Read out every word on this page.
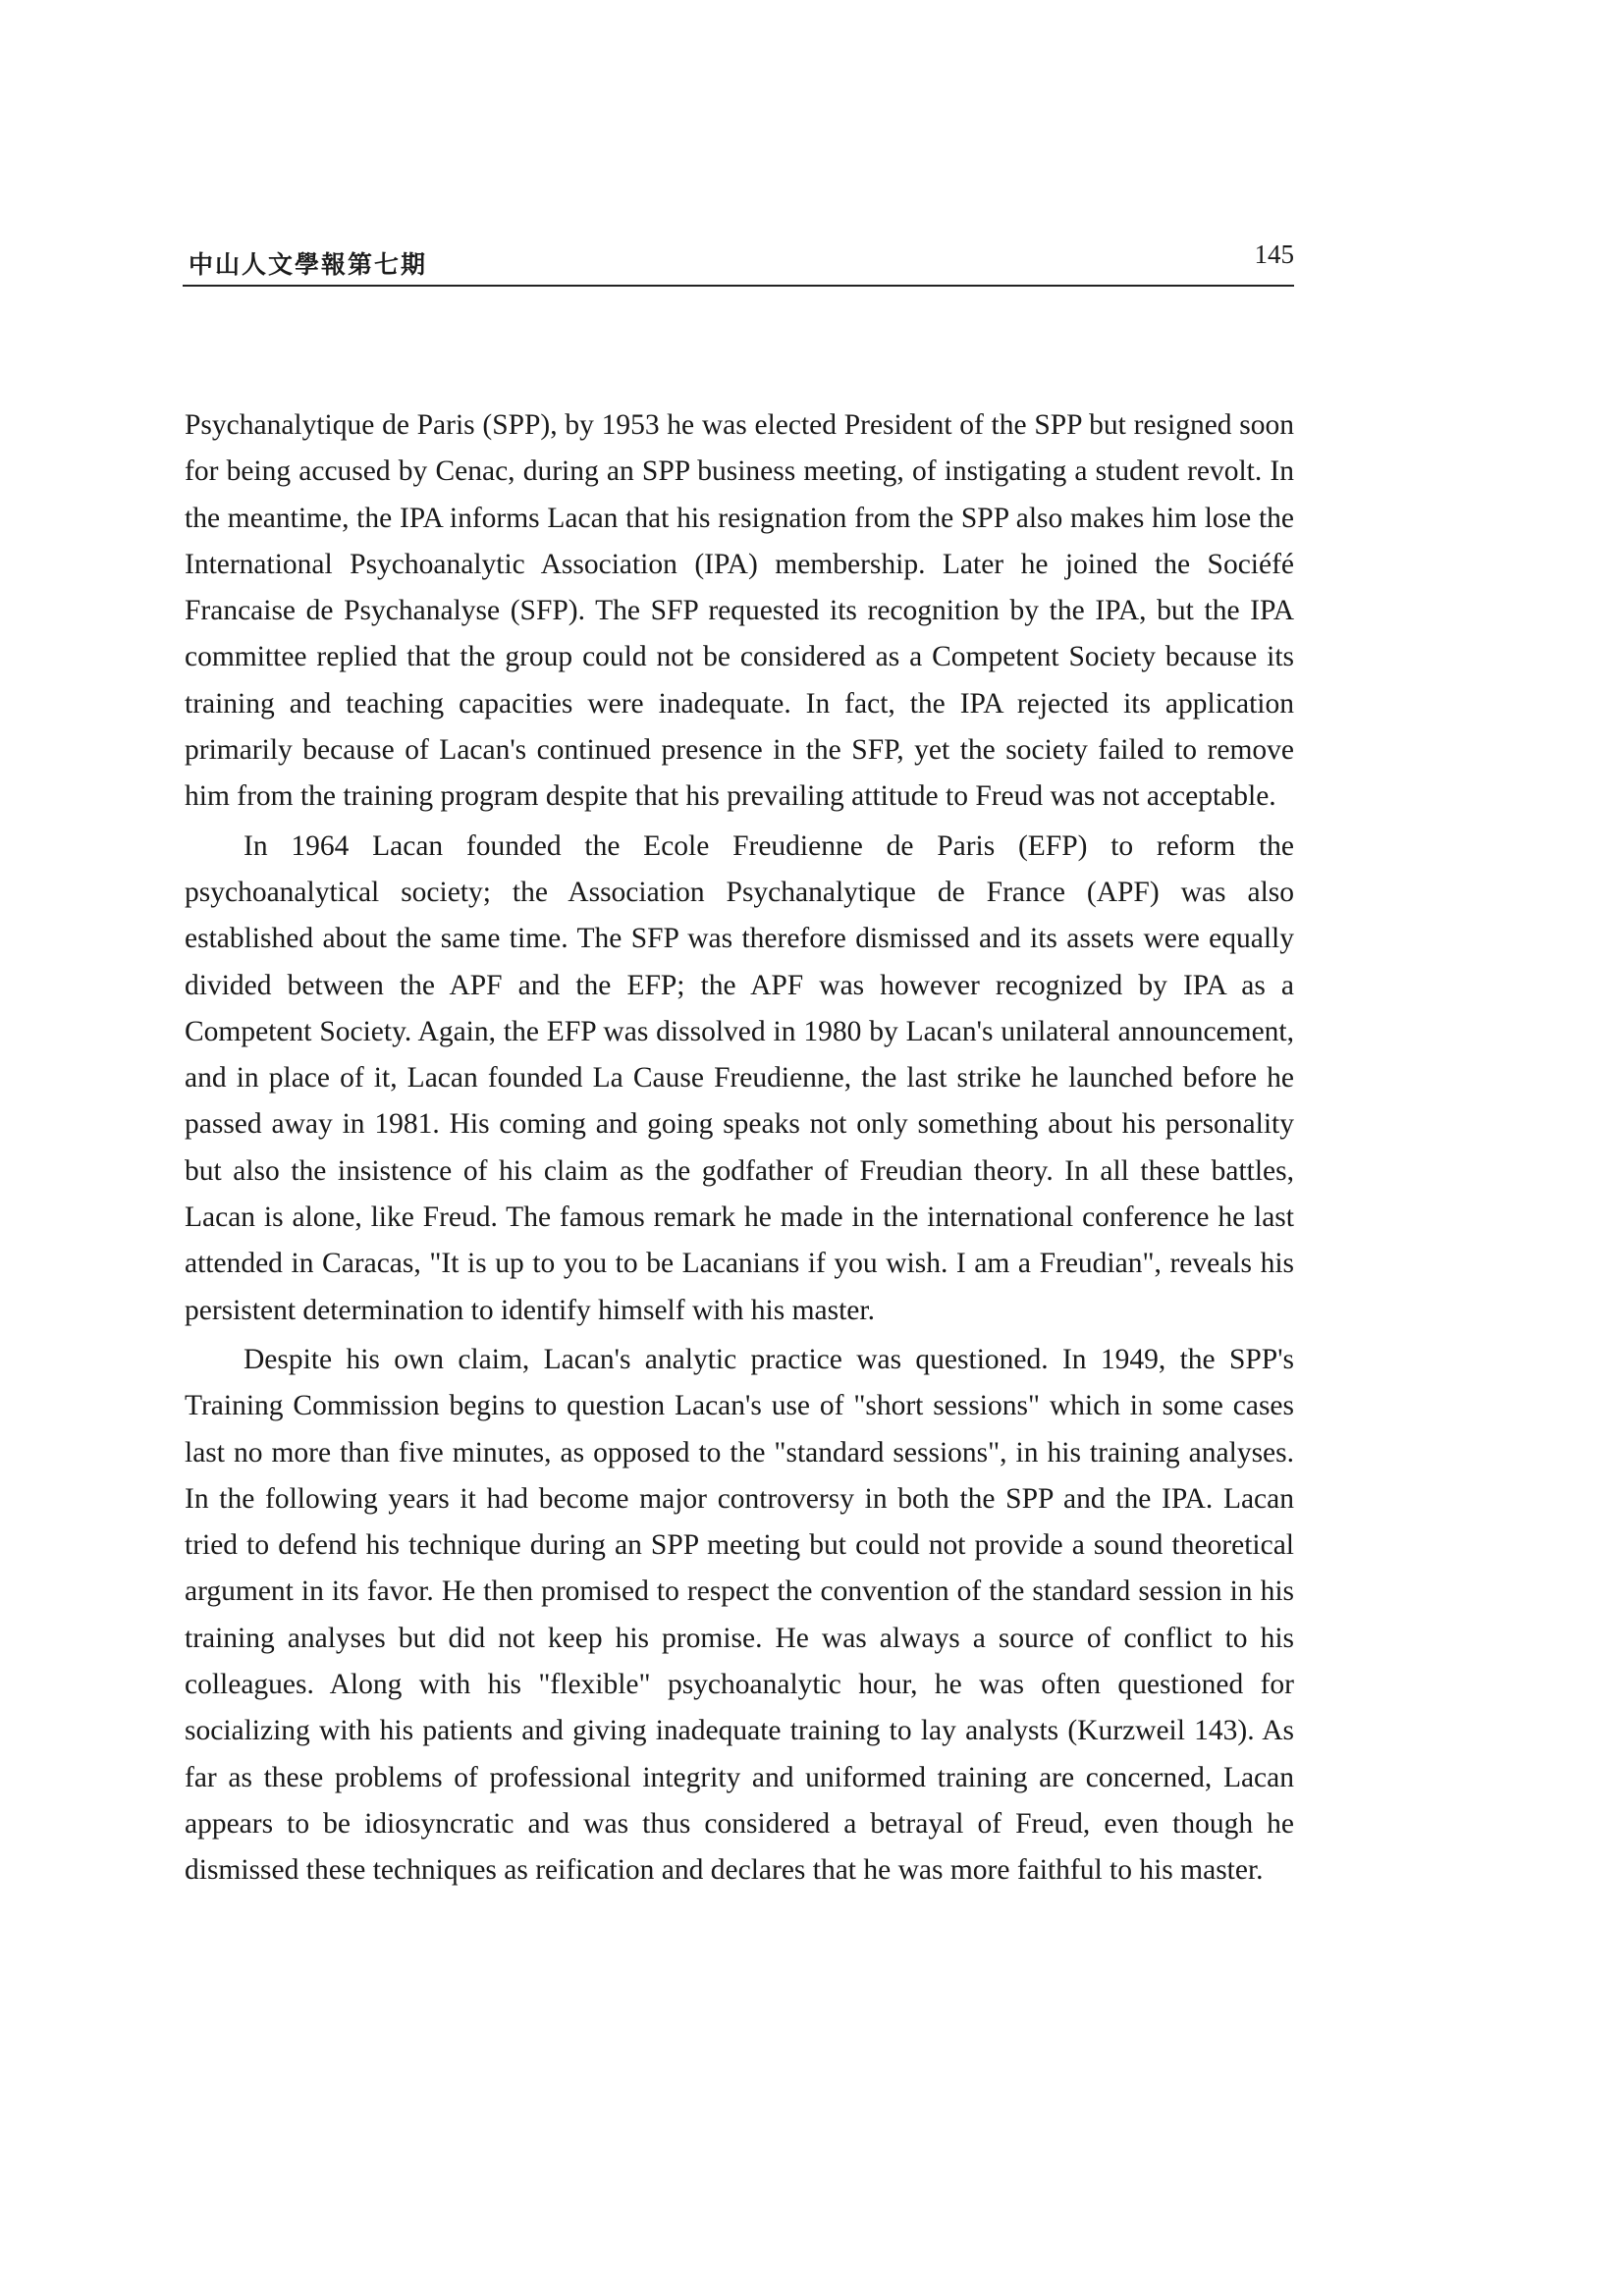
中山人文學報第七期	145

Psychanalytique de Paris (SPP), by 1953 he was elected President of the SPP but resigned soon for being accused by Cenac, during an SPP business meeting, of instigating a student revolt. In the meantime, the IPA informs Lacan that his resignation from the SPP also makes him lose the International Psychoanalytic Association (IPA) membership. Later he joined the Sociéfé Francaise de Psychanalyse (SFP). The SFP requested its recognition by the IPA, but the IPA committee replied that the group could not be considered as a Competent Society because its training and teaching capacities were inadequate. In fact, the IPA rejected its application primarily because of Lacan's continued presence in the SFP, yet the society failed to remove him from the training program despite that his prevailing attitude to Freud was not acceptable.

In 1964 Lacan founded the Ecole Freudienne de Paris (EFP) to reform the psychoanalytical society; the Association Psychanalytique de France (APF) was also established about the same time. The SFP was therefore dismissed and its assets were equally divided between the APF and the EFP; the APF was however recognized by IPA as a Competent Society. Again, the EFP was dissolved in 1980 by Lacan's unilateral announcement, and in place of it, Lacan founded La Cause Freudienne, the last strike he launched before he passed away in 1981. His coming and going speaks not only something about his personality but also the insistence of his claim as the godfather of Freudian theory. In all these battles, Lacan is alone, like Freud. The famous remark he made in the international conference he last attended in Caracas, "It is up to you to be Lacanians if you wish. I am a Freudian", reveals his persistent determination to identify himself with his master.

Despite his own claim, Lacan's analytic practice was questioned. In 1949, the SPP's Training Commission begins to question Lacan's use of "short sessions" which in some cases last no more than five minutes, as opposed to the "standard sessions", in his training analyses. In the following years it had become major controversy in both the SPP and the IPA. Lacan tried to defend his technique during an SPP meeting but could not provide a sound theoretical argument in its favor. He then promised to respect the convention of the standard session in his training analyses but did not keep his promise. He was always a source of conflict to his colleagues. Along with his "flexible" psychoanalytic hour, he was often questioned for socializing with his patients and giving inadequate training to lay analysts (Kurzweil 143). As far as these problems of professional integrity and uniformed training are concerned, Lacan appears to be idiosyncratic and was thus considered a betrayal of Freud, even though he dismissed these techniques as reification and declares that he was more faithful to his master.
